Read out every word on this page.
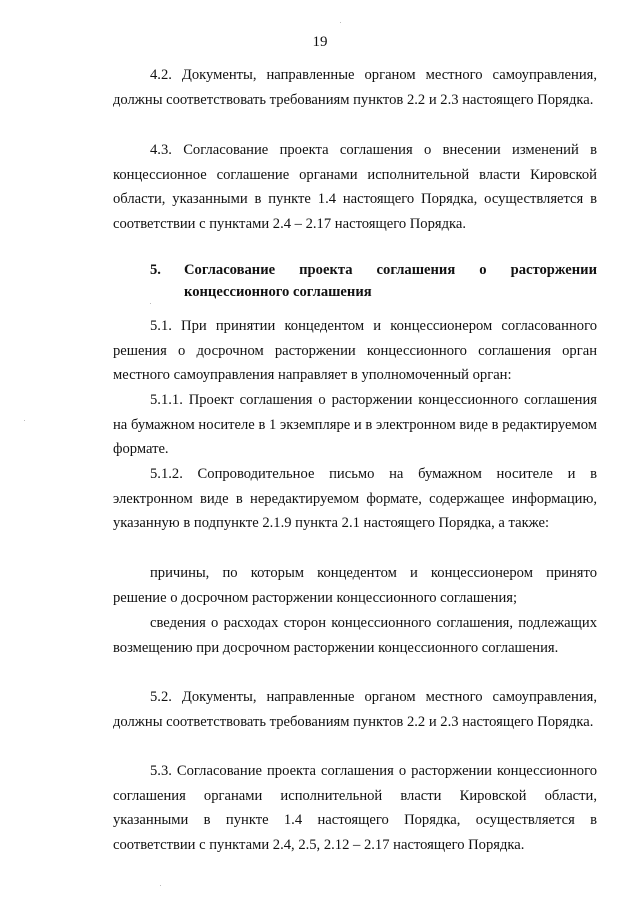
19

4.2. Документы, направленные органом местного самоуправления, должны соответствовать требованиям пунктов 2.2 и 2.3 настоящего Порядка.

4.3. Согласование проекта соглашения о внесении изменений в концессионное соглашение органами исполнительной власти Кировской области, указанными в пункте 1.4 настоящего Порядка, осуществляется в соответствии с пунктами 2.4 – 2.17 настоящего Порядка.

5. Согласование проекта соглашения о расторжении концессионного соглашения

5.1. При принятии концедентом и концессионером согласованного решения о досрочном расторжении концессионного соглашения орган местного самоуправления направляет в уполномоченный орган:

5.1.1. Проект соглашения о расторжении концессионного соглашения на бумажном носителе в 1 экземпляре и в электронном виде в редактируемом формате.

5.1.2. Сопроводительное письмо на бумажном носителе и в электронном виде в нередактируемом формате, содержащее информацию, указанную в подпункте 2.1.9 пункта 2.1 настоящего Порядка, а также:

причины, по которым концедентом и концессионером принято решение о досрочном расторжении концессионного соглашения;

сведения о расходах сторон концессионного соглашения, подлежащих возмещению при досрочном расторжении концессионного соглашения.

5.2. Документы, направленные органом местного самоуправления, должны соответствовать требованиям пунктов 2.2 и 2.3 настоящего Порядка.

5.3. Согласование проекта соглашения о расторжении концессионного соглашения органами исполнительной власти Кировской области, указанными в пункте 1.4 настоящего Порядка, осуществляется в соответствии с пунктами 2.4, 2.5, 2.12 – 2.17 настоящего Порядка.
